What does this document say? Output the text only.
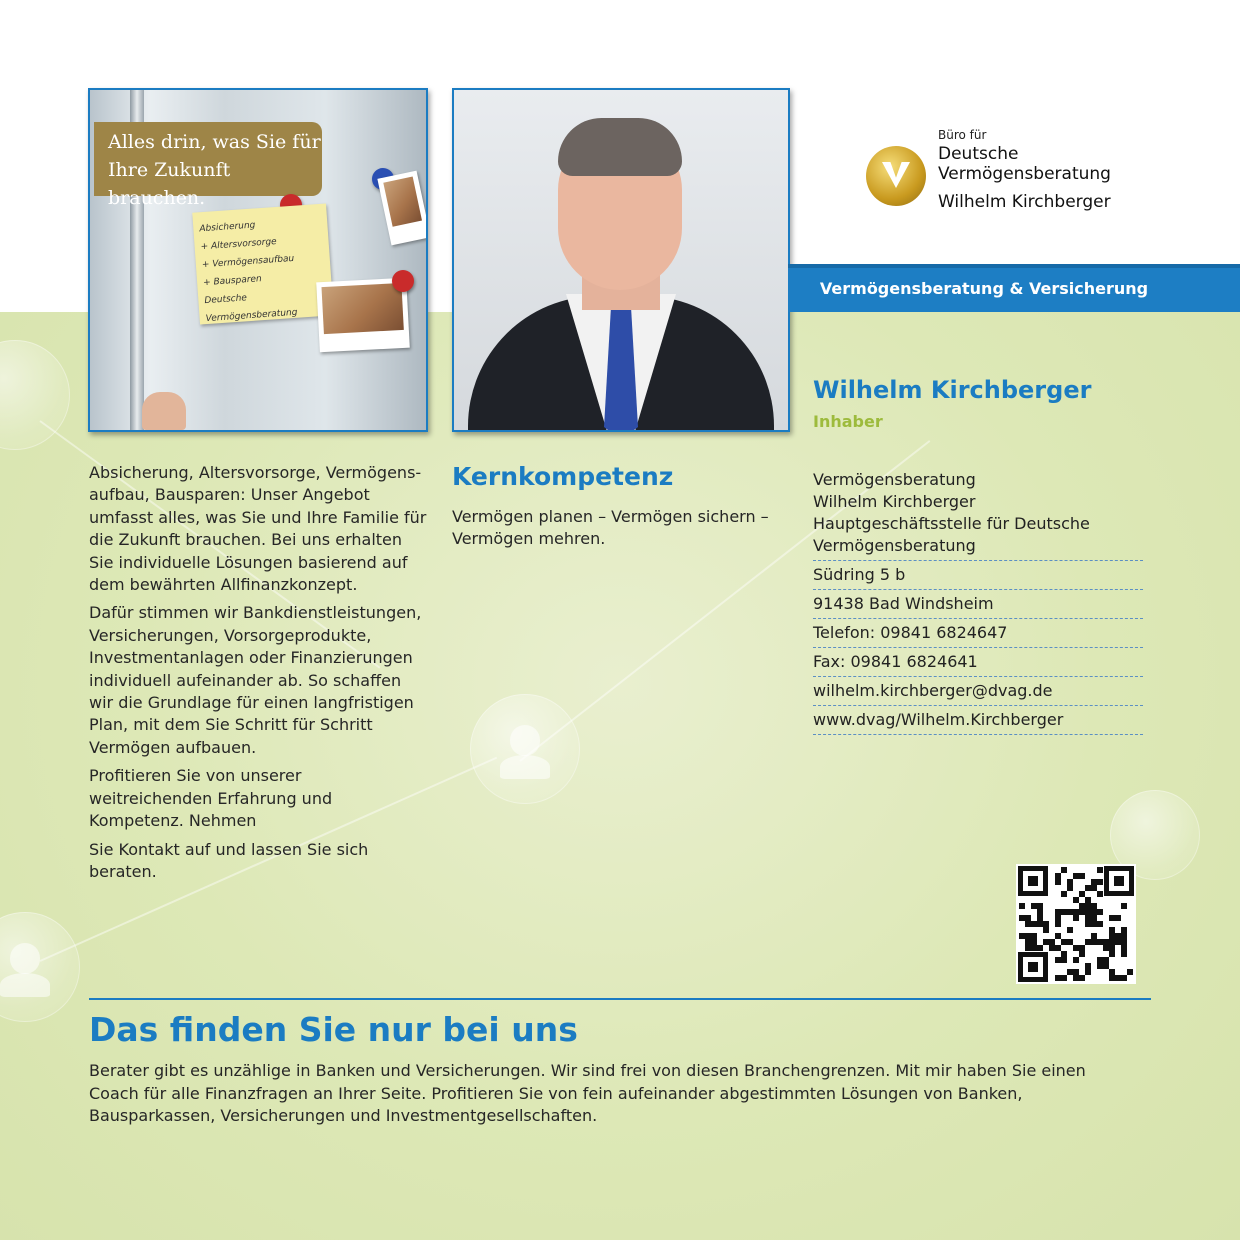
Alles drin, was Sie für Ihre Zukunft brauchen.
Absicherung
+ Altersvorsorge
+ Vermögensaufbau
+ Bausparen
Deutsche Vermögensberatung
Büro für
Deutsche
Vermögensberatung
Wilhelm Kirchberger
Vermögensberatung & Versicherung
Wilhelm Kirchberger
Inhaber
Vermögensberatung
Wilhelm Kirchberger
Hauptgeschäftsstelle für Deutsche
Vermögensberatung
Südring 5 b
91438 Bad Windsheim
Telefon: 09841 6824647
Fax: 09841 6824641
wilhelm.kirchberger@dvag.de
www.dvag/Wilhelm.Kirchberger

Absicherung, Altersvorsorge, Vermögens-aufbau, Bausparen: Unser Angebot umfasst alles, was Sie und Ihre Familie für die Zukunft brauchen. Bei uns erhalten Sie individuelle Lösungen basierend auf dem bewährten Allfinanzkonzept.

Dafür stimmen wir Bankdienstleistungen, Versicherungen, Vorsorgeprodukte, Investmentanlagen oder Finanzierungen individuell aufeinander ab. So schaffen wir die Grundlage für einen langfristigen Plan, mit dem Sie Schritt für Schritt Vermögen aufbauen.

Profitieren Sie von unserer weitreichenden Erfahrung und Kompetenz. Nehmen

Sie Kontakt auf und lassen Sie sich beraten.

Kernkompetenz
Vermögen planen – Vermögen sichern – Vermögen mehren.
Das finden Sie nur bei uns
Berater gibt es unzählige in Banken und Versicherungen. Wir sind frei von diesen Branchengrenzen. Mit mir haben Sie einen Coach für alle Finanzfragen an Ihrer Seite. Profitieren Sie von fein aufeinander abgestimmten Lösungen von Banken, Bausparkassen, Versicherungen und Investmentgesellschaften.
